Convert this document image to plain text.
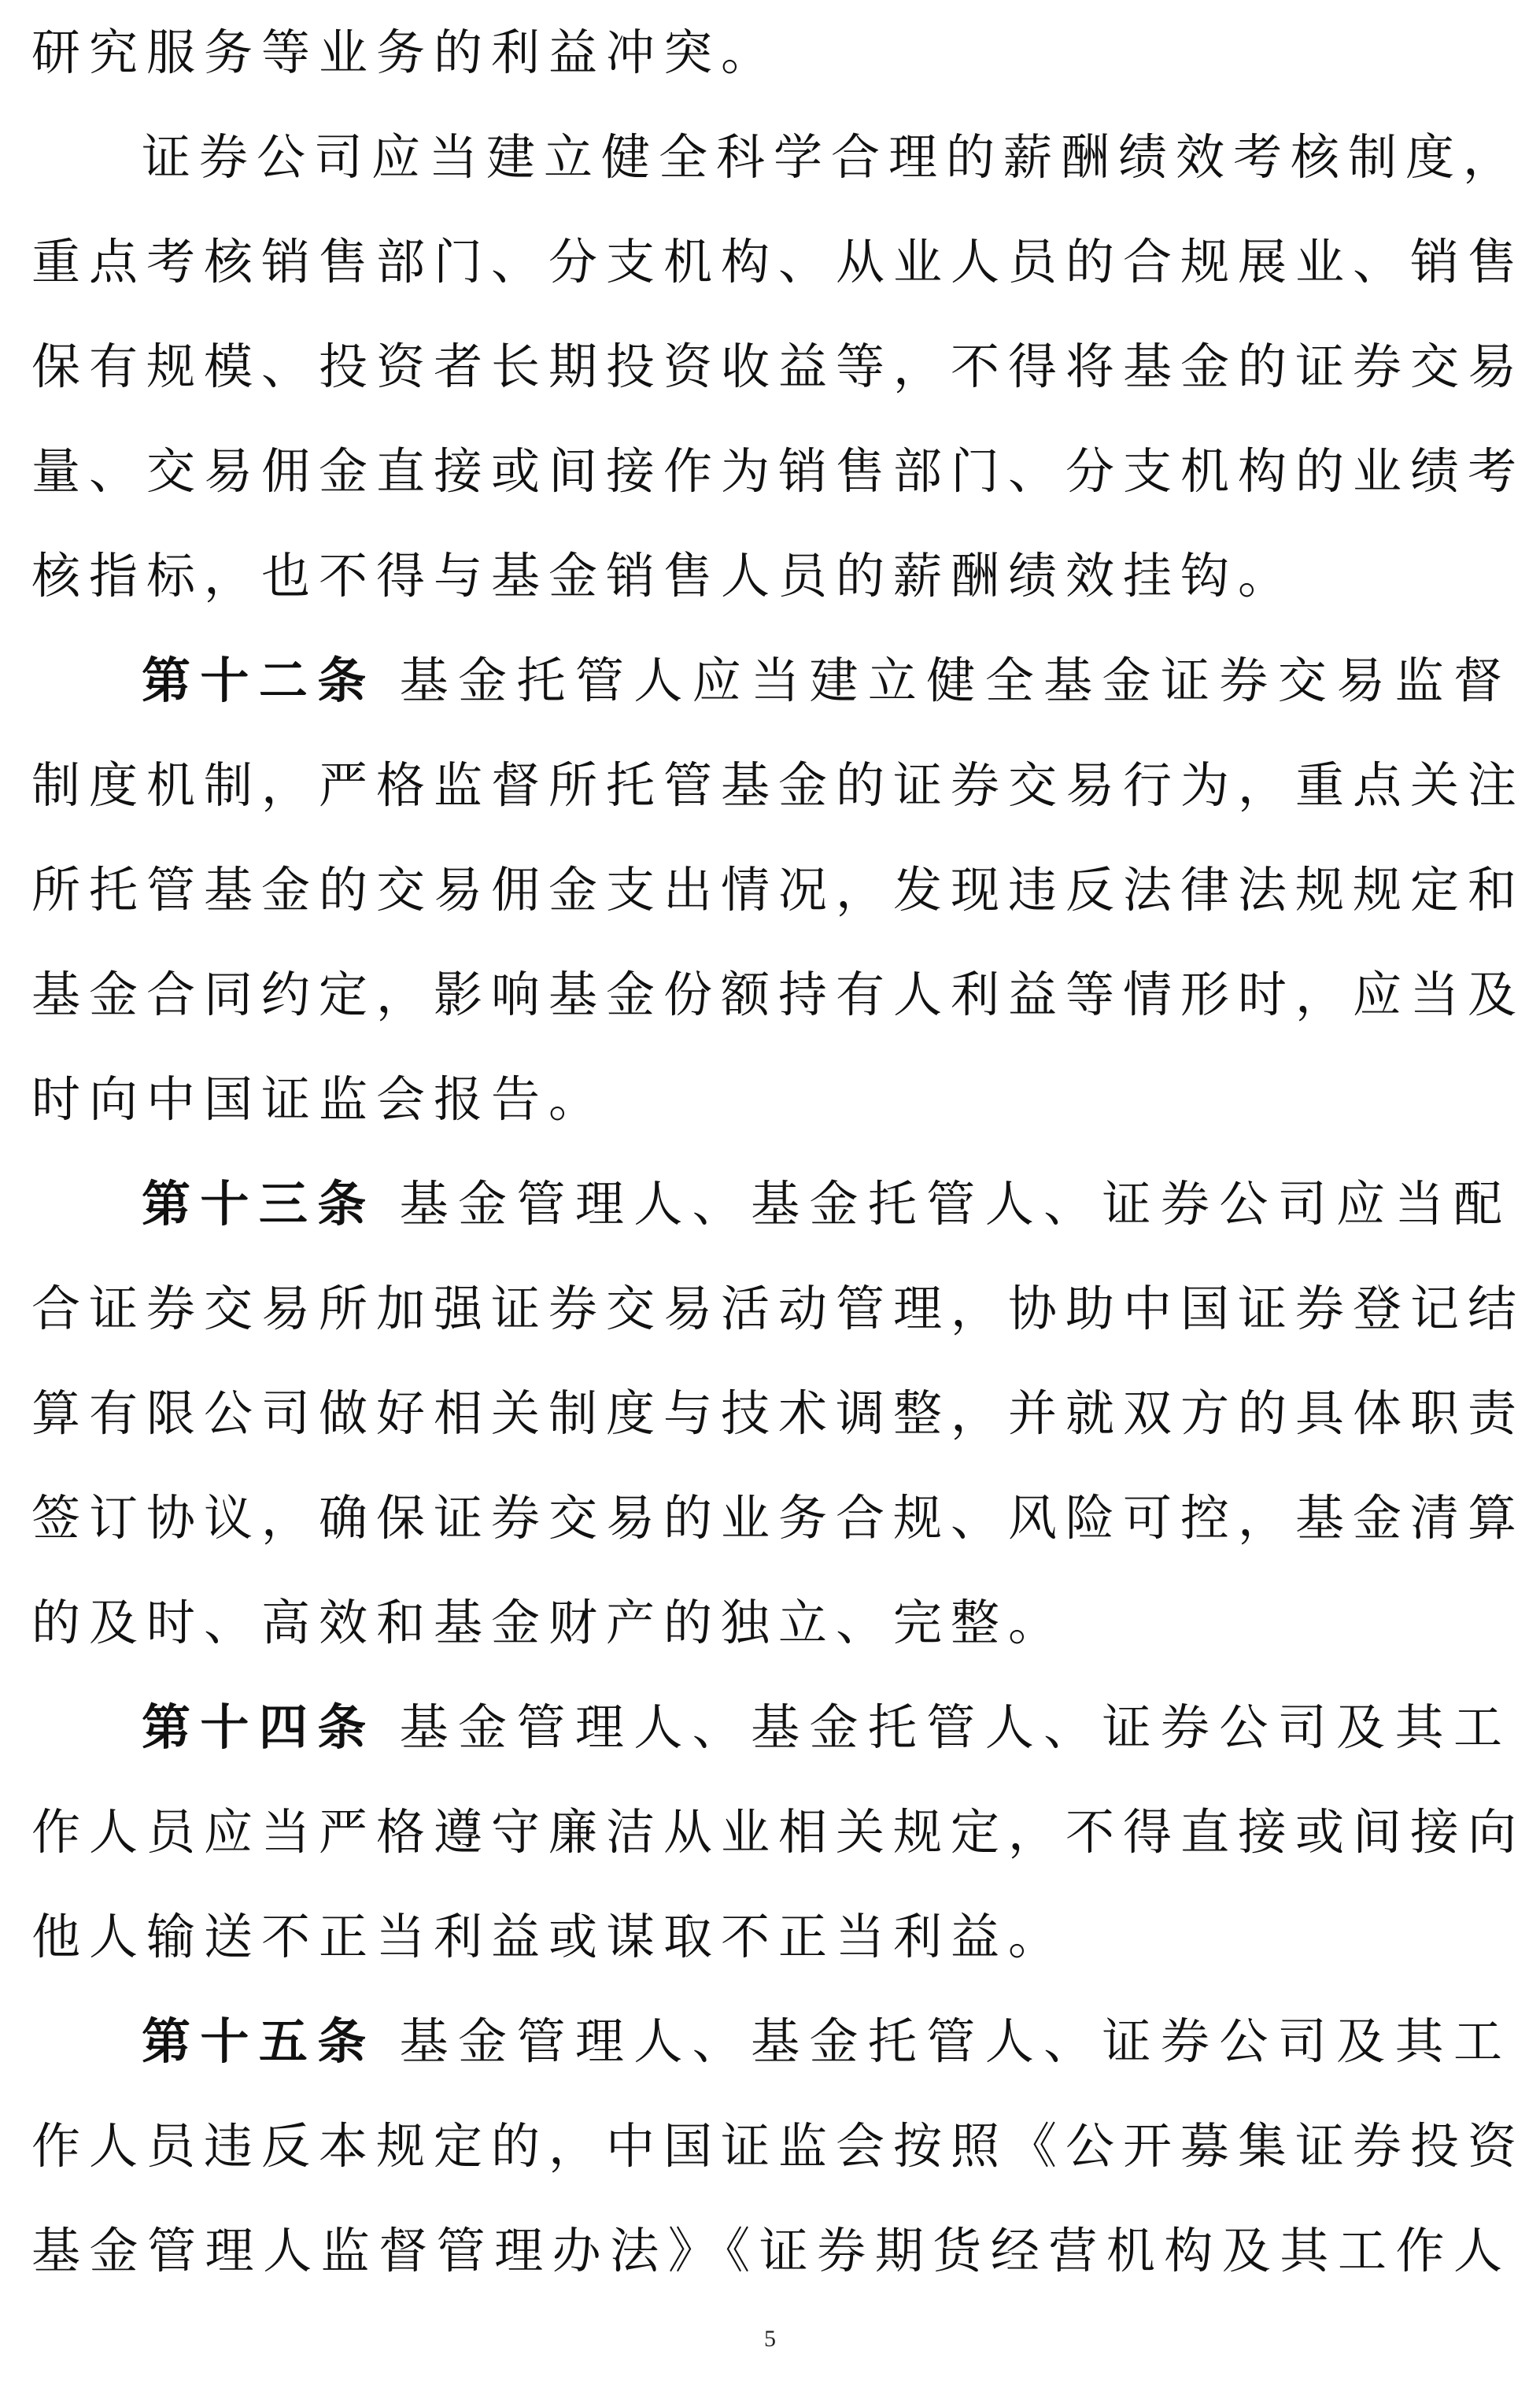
研究服务等业务的利益冲突。
证券公司应当建立健全科学合理的薪酬绩效考核制度，
重点考核销售部门、分支机构、从业人员的合规展业、销售
保有规模、投资者长期投资收益等，不得将基金的证券交易
量、交易佣金直接或间接作为销售部门、分支机构的业绩考
核指标，也不得与基金销售人员的薪酬绩效挂钩。
第十二条 基金托管人应当建立健全基金证券交易监督
制度机制，严格监督所托管基金的证券交易行为，重点关注
所托管基金的交易佣金支出情况，发现违反法律法规规定和
基金合同约定，影响基金份额持有人利益等情形时，应当及
时向中国证监会报告。
第十三条 基金管理人、基金托管人、证券公司应当配
合证券交易所加强证券交易活动管理，协助中国证券登记结
算有限公司做好相关制度与技术调整，并就双方的具体职责
签订协议，确保证券交易的业务合规、风险可控，基金清算
的及时、高效和基金财产的独立、完整。
第十四条 基金管理人、基金托管人、证券公司及其工
作人员应当严格遵守廉洁从业相关规定，不得直接或间接向
他人输送不正当利益或谋取不正当利益。
第十五条 基金管理人、基金托管人、证券公司及其工
作人员违反本规定的，中国证监会按照《公开募集证券投资
基金管理人监督管理办法》《证券期货经营机构及其工作人
5
